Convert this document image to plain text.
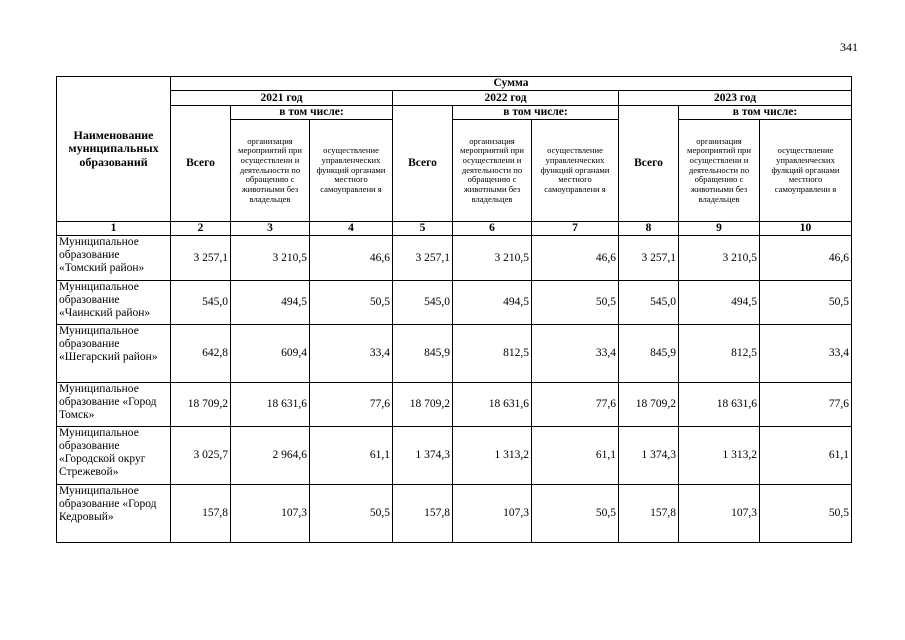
341
Наименование муниципальных образований	Сумма								
	2021 год			2022 год			2023 год		
	Всего	в том числе:		Всего	в том числе:		Всего	в том числе:	
		организация мероприятий при осуществлени и деятельности по обращению с животными без владельцев	осуществление управленческих функций органами местного самоуправлени я		организация мероприятий при осуществлени и деятельности по обращению с животными без владельцев	осуществление управленческих функций органами местного самоуправлени я		организация мероприятий при осуществлени и деятельности по обращению с животными без владельцев	осуществление управленческих фулкций органами местного самоуправлени я
1	2	3	4	5	6	7	8	9	10
Муниципальное образование «Томский район»	3 257,1	3 210,5	46,6	3 257,1	3 210,5	46,6	3 257,1	3 210,5	46,6
Муниципальное образование «Чаинский район»	545,0	494,5	50,5	545,0	494,5	50,5	545,0	494,5	50,5
Муниципальное образование «Шегарский район»	642,8	609,4	33,4	845,9	812,5	33,4	845,9	812,5	33,4
Муниципальное образование «Город Томск»	18 709,2	18 631,6	77,6	18 709,2	18 631,6	77,6	18 709,2	18 631,6	77,6
Муниципальное образование «Городской округ Стрежевой»	3 025,7	2 964,6	61,1	1 374,3	1 313,2	61,1	1 374,3	1 313,2	61,1
Муниципальное образование «Город Кедровый»	157,8	107,3	50,5	157,8	107,3	50,5	157,8	107,3	50,5
